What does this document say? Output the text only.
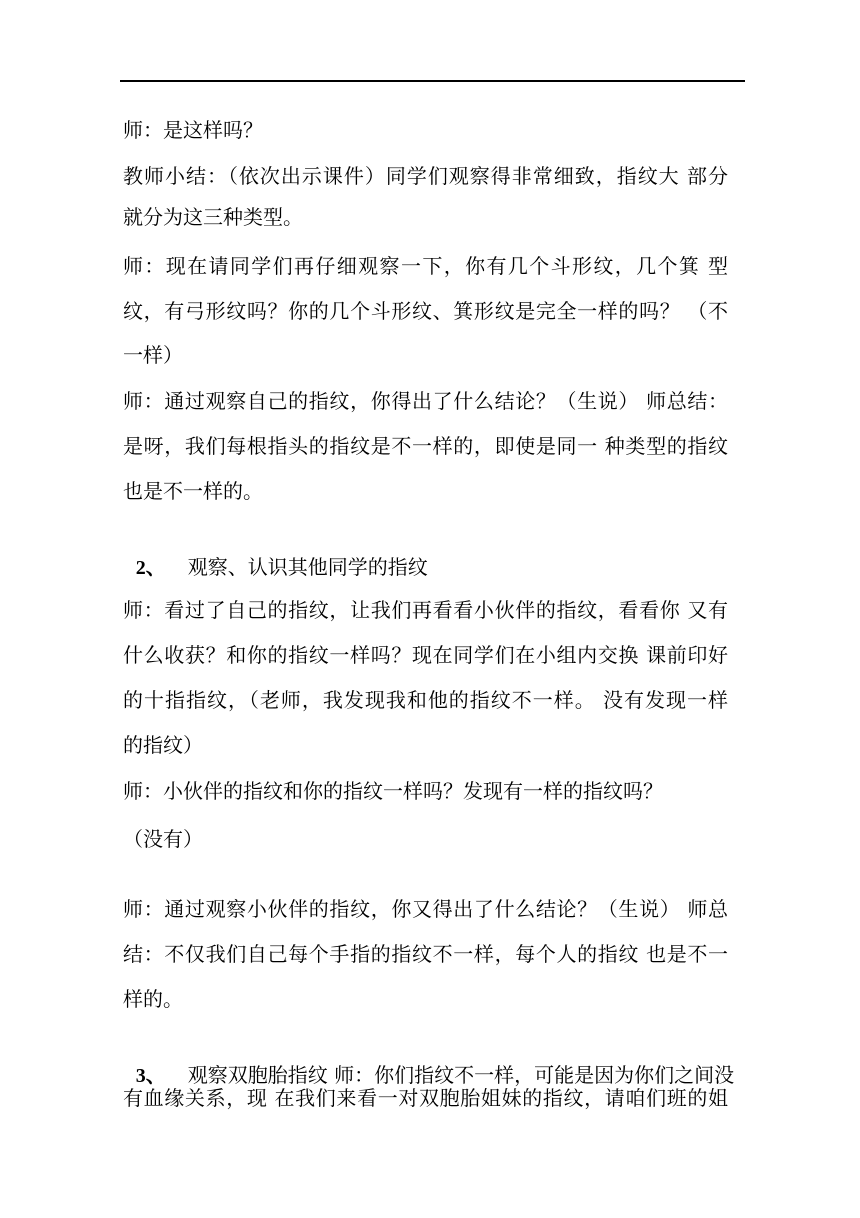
师：是这样吗？
教师小结：（依次出示课件）同学们观察得非常细致，指纹大 部分
就分为这三种类型。
师：现在请同学们再仔细观察一下，你有几个斗形纹，几个箕 型
纹，有弓形纹吗？你的几个斗形纹、箕形纹是完全一样的吗？ （不
一样）
师：通过观察自己的指纹，你得出了什么结论？（生说） 师总结：
是呀，我们每根指头的指纹是不一样的，即使是同一 种类型的指纹
也是不一样的。

2、 观察、认识其他同学的指纹

师：看过了自己的指纹，让我们再看看小伙伴的指纹，看看你 又有
什么收获？和你的指纹一样吗？现在同学们在小组内交换 课前印好
的十指指纹，（老师，我发现我和他的指纹不一样。 没有发现一样
的指纹）
师：小伙伴的指纹和你的指纹一样吗？发现有一样的指纹吗？
（没有）
师：通过观察小伙伴的指纹，你又得出了什么结论？（生说） 师总
结：不仅我们自己每个手指的指纹不一样，每个人的指纹 也是不一
样的。

3、 观察双胞胎指纹 师：你们指纹不一样，可能是因为你们之间没

有血缘关系，现 在我们来看一对双胞胎姐妹的指纹，请咱们班的姐
